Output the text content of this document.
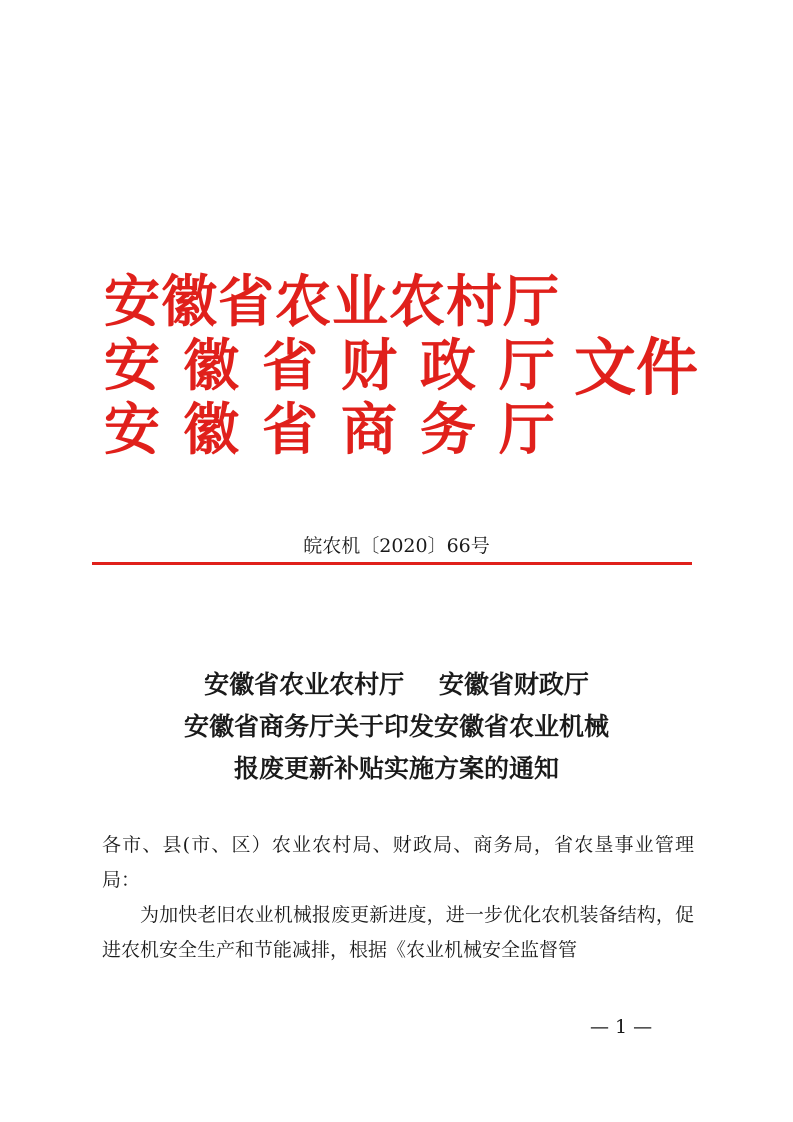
安徽省农业农村厅
安徽省财政厅
安徽省商务厅
文件
皖农机〔2020〕66号
安徽省农业农村厅    安徽省财政厅
安徽省商务厅关于印发安徽省农业机械
报废更新补贴实施方案的通知

各市、县(市、区）农业农村局、财政局、商务局，省农垦事业管理局：

为加快老旧农业机械报废更新进度，进一步优化农机装备结构，促进农机安全生产和节能减排，根据《农业机械安全监督管

— 1 —
